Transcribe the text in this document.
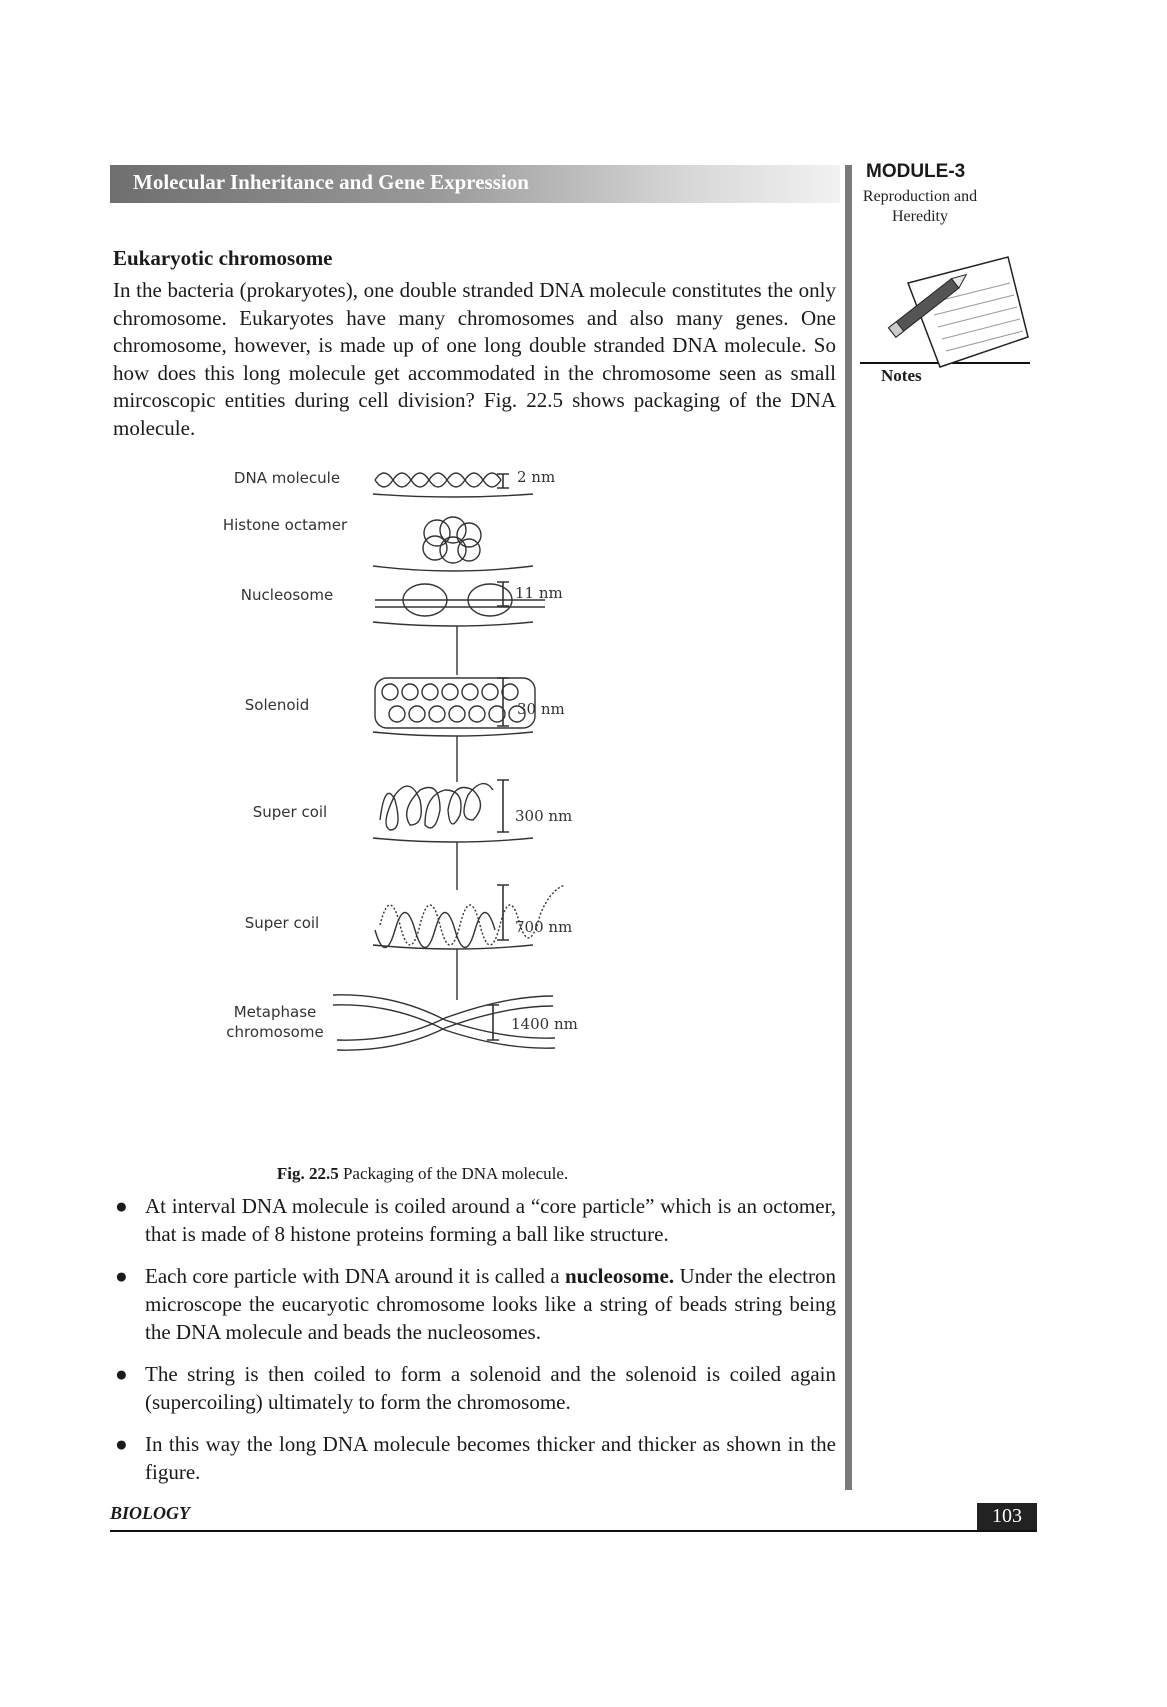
Molecular Inheritance and Gene Expression	MODULE-3
Reproduction and
Heredity
Notes
Eukaryotic chromosome
In the bacteria (prokaryotes), one double stranded DNA molecule constitutes the only chromosome. Eukaryotes have many chromosomes and also many genes. One chromosome, however, is made up of one long double stranded DNA molecule. So how does this long molecule get accommodated in the chromosome seen as small mircoscopic entities during cell division? Fig. 22.5 shows packaging of the DNA molecule.
DNA molecule
Histone octamer
Nucleosome
Solenoid
Super coil
Super coil
Metaphase chromosome
2 nm
11 nm
30 nm
300 nm
700 nm
1400 nm
Fig. 22.5 Packaging of the DNA molecule.
● At interval DNA molecule is coiled around a “core particle” which is an octomer, that is made of 8 histone proteins forming a ball like structure.
● Each core particle with DNA around it is called a nucleosome. Under the electron microscope the eucaryotic chromosome looks like a string of beads string being the DNA molecule and beads the nucleosomes.
● The string is then coiled to form a solenoid and the solenoid is coiled again (supercoiling) ultimately to form the chromosome.
● In this way the long DNA molecule becomes thicker and thicker as shown in the figure.
BIOLOGY	103
